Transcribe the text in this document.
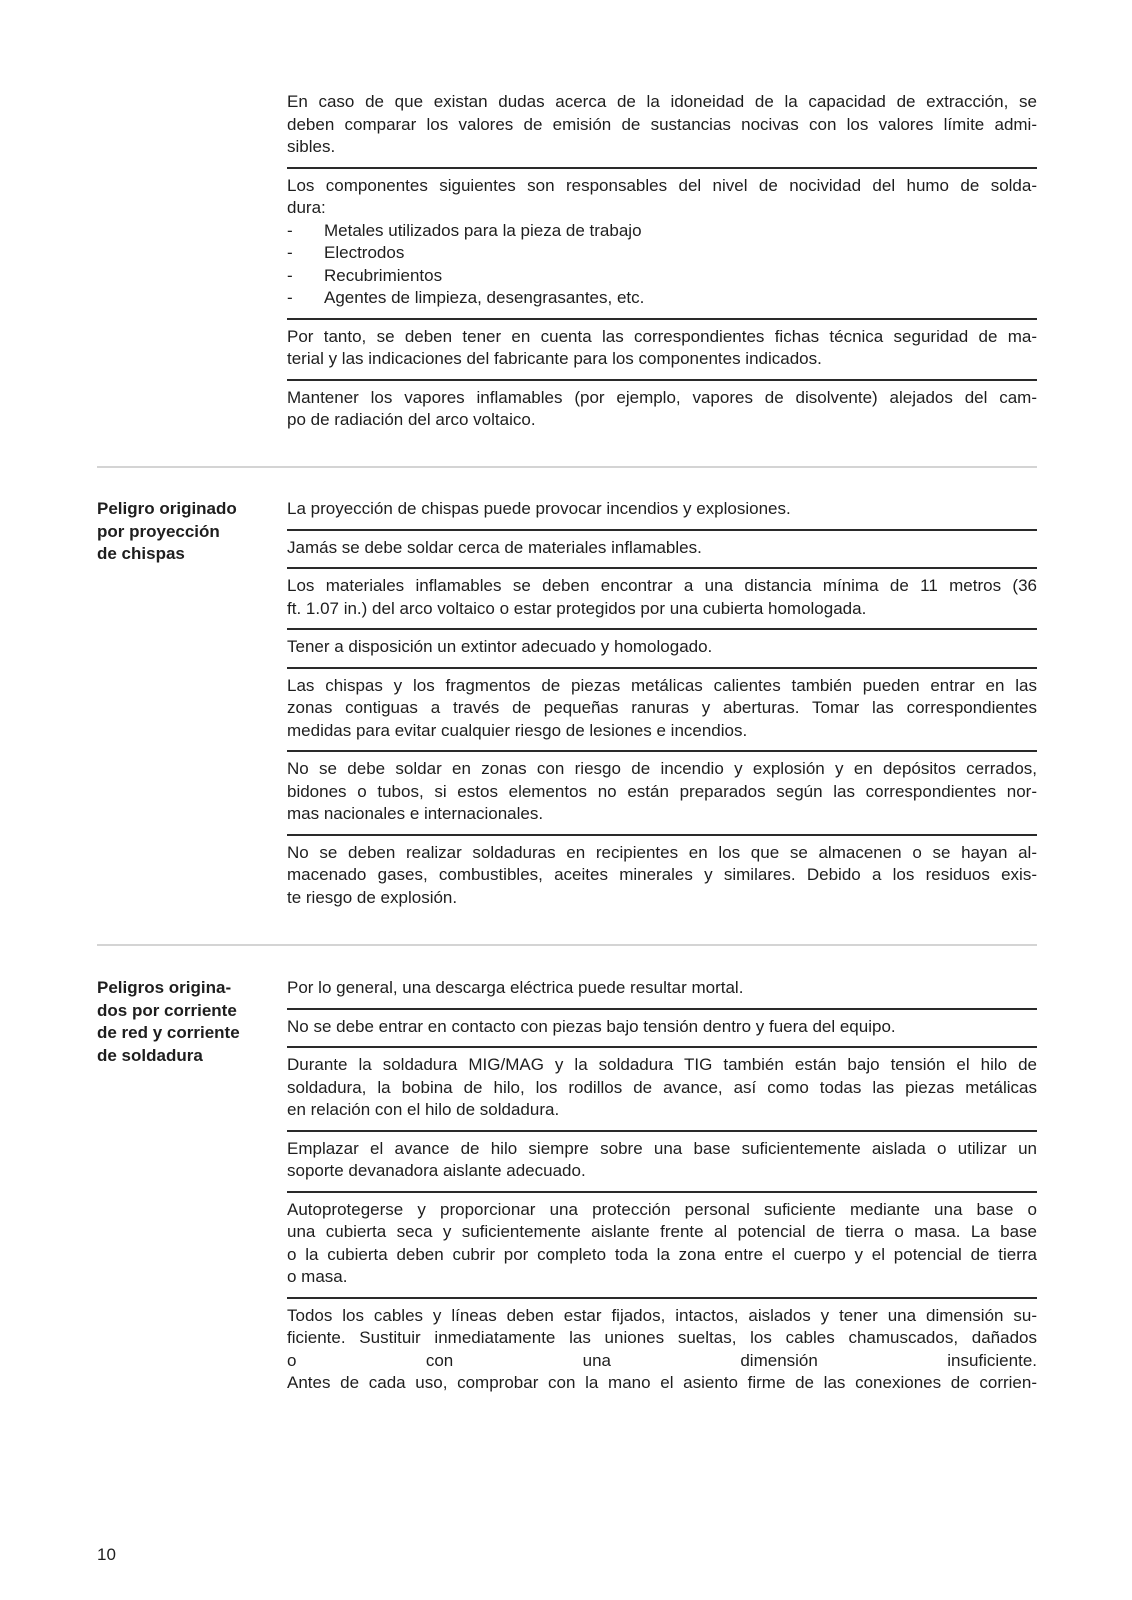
En caso de que existan dudas acerca de la idoneidad de la capacidad de extracción, se
deben comparar los valores de emisión de sustancias nocivas con los valores límite admi-
sibles.
Los componentes siguientes son responsables del nivel de nocividad del humo de solda-
dura:
-	Metales utilizados para la pieza de trabajo
-	Electrodos
-	Recubrimientos
-	Agentes de limpieza, desengrasantes, etc.
Por tanto, se deben tener en cuenta las correspondientes fichas técnica seguridad de ma-
terial y las indicaciones del fabricante para los componentes indicados.
Mantener los vapores inflamables (por ejemplo, vapores de disolvente) alejados del cam-
po de radiación del arco voltaico.
Peligro originado
por proyección
de chispas
La proyección de chispas puede provocar incendios y explosiones.
Jamás se debe soldar cerca de materiales inflamables.
Los materiales inflamables se deben encontrar a una distancia mínima de 11 metros (36
ft. 1.07 in.) del arco voltaico o estar protegidos por una cubierta homologada.
Tener a disposición un extintor adecuado y homologado.
Las chispas y los fragmentos de piezas metálicas calientes también pueden entrar en las
zonas contiguas a través de pequeñas ranuras y aberturas. Tomar las correspondientes
medidas para evitar cualquier riesgo de lesiones e incendios.
No se debe soldar en zonas con riesgo de incendio y explosión y en depósitos cerrados,
bidones o tubos, si estos elementos no están preparados según las correspondientes nor-
mas nacionales e internacionales.
No se deben realizar soldaduras en recipientes en los que se almacenen o se hayan al-
macenado gases, combustibles, aceites minerales y similares. Debido a los residuos exis-
te riesgo de explosión.
Peligros origina-
dos por corriente
de red y corriente
de soldadura
Por lo general, una descarga eléctrica puede resultar mortal.
No se debe entrar en contacto con piezas bajo tensión dentro y fuera del equipo.
Durante la soldadura MIG/MAG y la soldadura TIG también están bajo tensión el hilo de
soldadura, la bobina de hilo, los rodillos de avance, así como todas las piezas metálicas
en relación con el hilo de soldadura.
Emplazar el avance de hilo siempre sobre una base suficientemente aislada o utilizar un
soporte devanadora aislante adecuado.
Autoprotegerse y proporcionar una protección personal suficiente mediante una base o
una cubierta seca y suficientemente aislante frente al potencial de tierra o masa. La base
o la cubierta deben cubrir por completo toda la zona entre el cuerpo y el potencial de tierra
o masa.
Todos los cables y líneas deben estar fijados, intactos, aislados y tener una dimensión su-
ficiente. Sustituir inmediatamente las uniones sueltas, los cables chamuscados, dañados
o con una dimensión insuficiente.
Antes de cada uso, comprobar con la mano el asiento firme de las conexiones de corrien-
10
